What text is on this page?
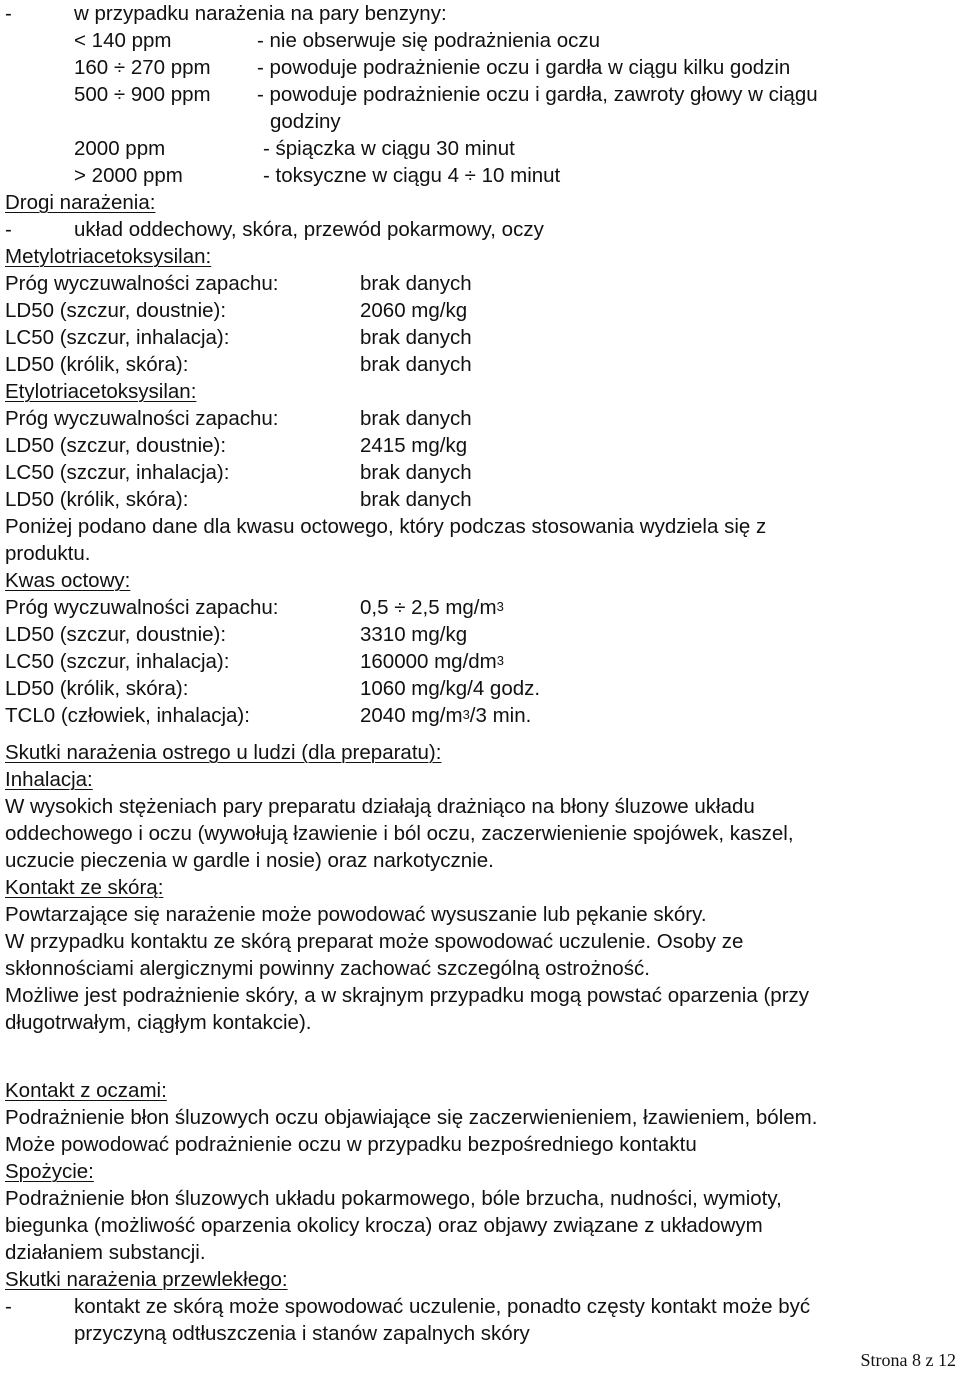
-	w przypadku narażenia na pary benzyny:
< 140 ppm	- nie obserwuje się podrażnienia oczu
160 ÷ 270 ppm - powoduje podrażnienie oczu i gardła w ciągu kilku godzin
500 ÷ 900 ppm - powoduje podrażnienie oczu i gardła, zawroty głowy w ciągu
godziny
2000 ppm	- śpiączka w ciągu 30 minut
> 2000 ppm	- toksyczne w ciągu 4 ÷ 10 minut
Drogi narażenia:
-	układ oddechowy, skóra, przewód pokarmowy, oczy
Metylotriacetoksysilan:
Próg wyczuwalności zapachu:	brak danych
LD50 (szczur, doustnie):	2060 mg/kg
LC50 (szczur, inhalacja):	brak danych
LD50 (królik, skóra):	brak danych
Etylotriacetoksysilan:
Próg wyczuwalności zapachu:	brak danych
LD50 (szczur, doustnie):	2415 mg/kg
LC50 (szczur, inhalacja):	brak danych
LD50 (królik, skóra):	brak danych
Poniżej podano dane dla kwasu octowego, który podczas stosowania wydziela się z
produktu.
Kwas octowy:
Próg wyczuwalności zapachu:	0,5 ÷ 2,5 $mg/m^3$
LD50 (szczur, doustnie):	3310 mg/kg
LC50 (szczur, inhalacja):	160000 $mg/dm^3$
LD50 (królik, skóra):	1060 mg/kg/4 godz.
TCL0 (człowiek, inhalacja):	2040 $mg/m^3/3$ min.
Skutki narażenia ostrego u ludzi (dla preparatu):
Inhalacja:
W wysokich stężeniach pary preparatu działają drażniąco na błony śluzowe układu
oddechowego i oczu (wywołują łzawienie i ból oczu, zaczerwienienie spojówek, kaszel,
uczucie pieczenia w gardle i nosie) oraz narkotycznie.
Kontakt ze skórą:
Powtarzające się narażenie może powodować wysuszanie lub pękanie skóry.
W przypadku kontaktu ze skórą preparat może spowodować uczulenie. Osoby ze
skłonnościami alergicznymi powinny zachować szczególną ostrożność.
Możliwe jest podrażnienie skóry, a w skrajnym przypadku mogą powstać oparzenia (przy
długotrwałym, ciągłym kontakcie).
Kontakt z oczami:
Podrażnienie błon śluzowych oczu objawiające się zaczerwienieniem, łzawieniem, bólem.
Może powodować podrażnienie oczu w przypadku bezpośredniego kontaktu
Spożycie:
Podrażnienie błon śluzowych układu pokarmowego, bóle brzucha, nudności, wymioty,
biegunka (możliwość oparzenia okolicy krocza) oraz objawy związane z układowym
działaniem substancji.
Skutki narażenia przewlekłego:
-	kontakt ze skórą może spowodować uczulenie, ponadto częsty kontakt może być
przyczyną odtłuszczenia i stanów zapalnych skóry
Strona 8 z 12
